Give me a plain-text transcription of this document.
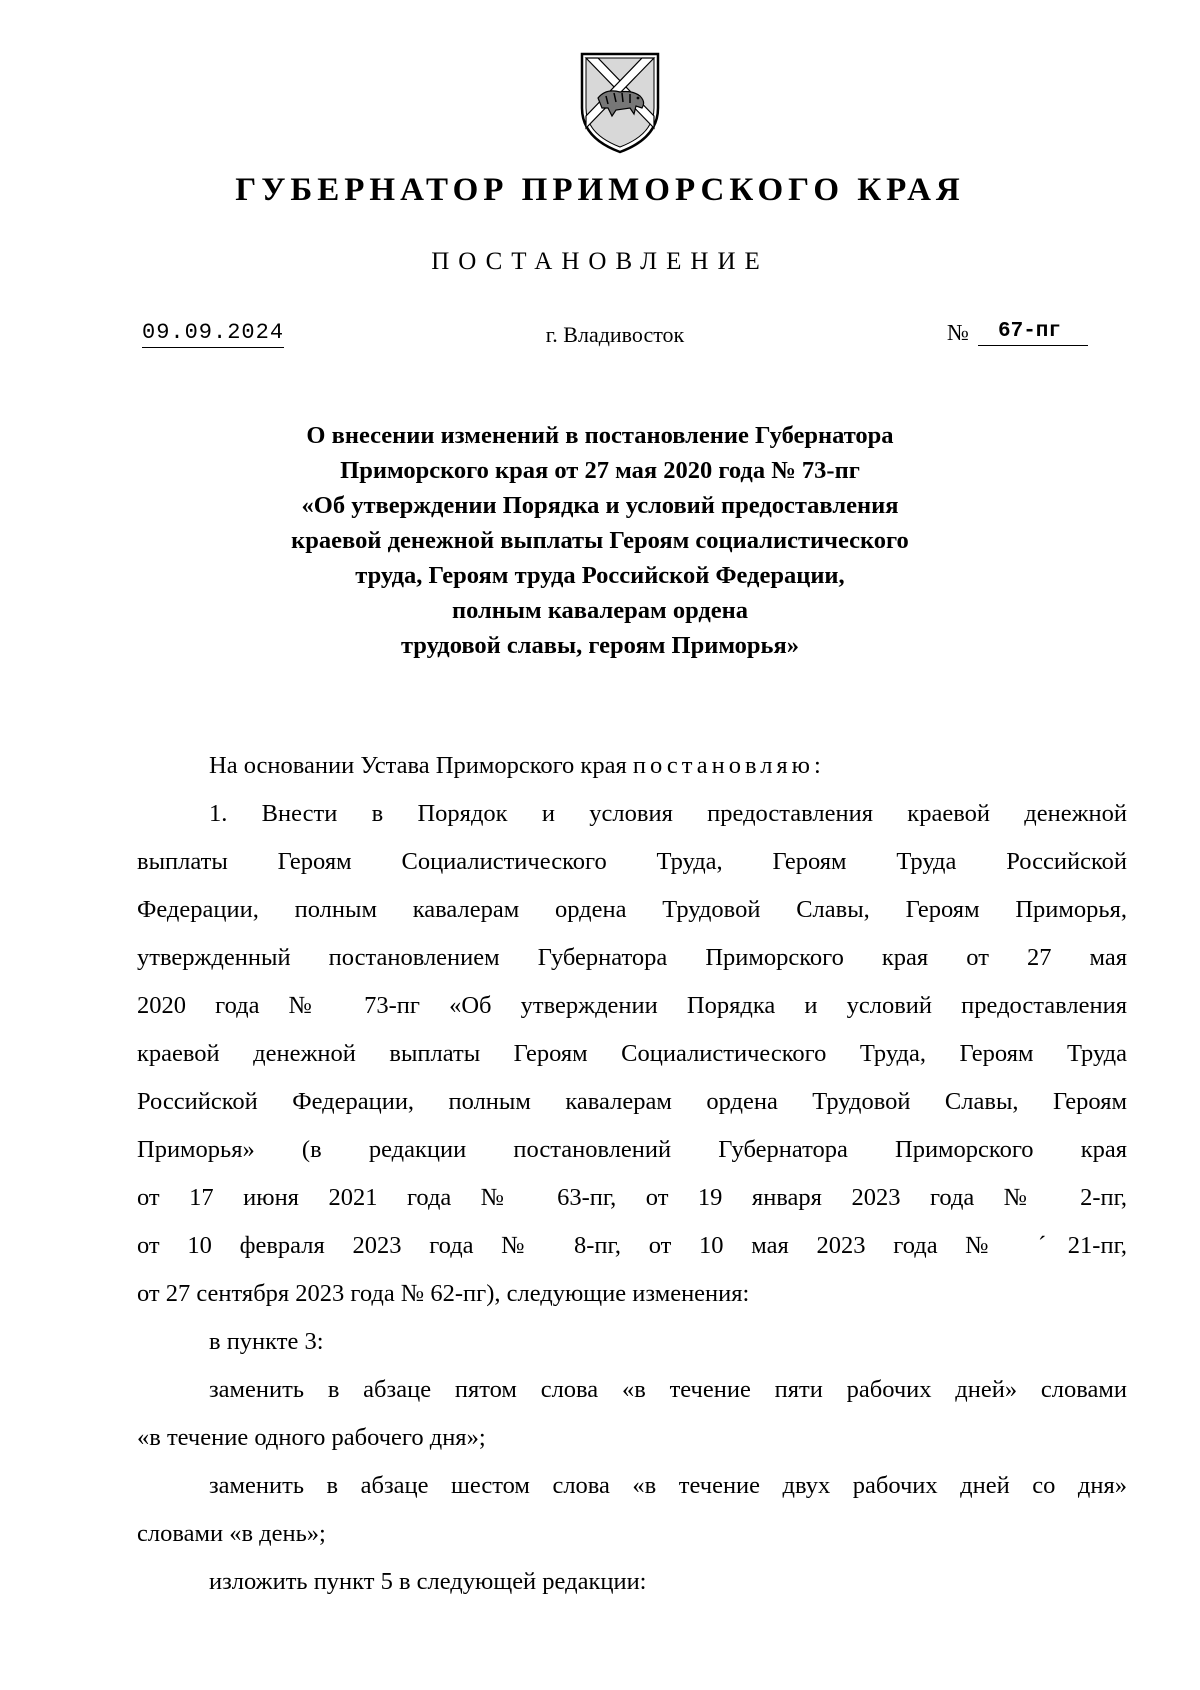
ГУБЕРНАТОР ПРИМОРСКОГО КРАЯ
ПОСТАНОВЛЕНИЕ
09.09.2024	г. Владивосток	№	67-пг
О внесении изменений в постановление Губернатора
Приморского края от 27 мая 2020 года № 73-пг
«Об утверждении Порядка и условий предоставления
краевой денежной выплаты Героям социалистического
труда, Героям труда Российской Федерации,
полным кавалерам ордена
трудовой славы, героям Приморья»
На основании Устава Приморского края постановляю:
1. Внести в Порядок и условия предоставления краевой денежной
выплаты Героям Социалистического Труда, Героям Труда Российской
Федерации, полным кавалерам ордена Трудовой Славы, Героям Приморья,
утвержденный постановлением Губернатора Приморского края от 27 мая
2020 года № 73-пг «Об утверждении Порядка и условий предоставления
краевой денежной выплаты Героям Социалистического Труда, Героям Труда
Российской Федерации, полным кавалерам ордена Трудовой Славы, Героям
Приморья» (в редакции постановлений Губернатора Приморского края
от 17 июня 2021 года № 63-пг, от 19 января 2023 года № 2-пг,
от 10 февраля 2023 года № 8-пг, от 10 мая 2023 года № ˊ21-пг,
от 27 сентября 2023 года № 62-пг), следующие изменения:
в пункте 3:
заменить в абзаце пятом слова «в течение пяти рабочих дней» словами
«в течение одного рабочего дня»;
заменить в абзаце шестом слова «в течение двух рабочих дней со дня»
словами «в день»;
изложить пункт 5 в следующей редакции:
